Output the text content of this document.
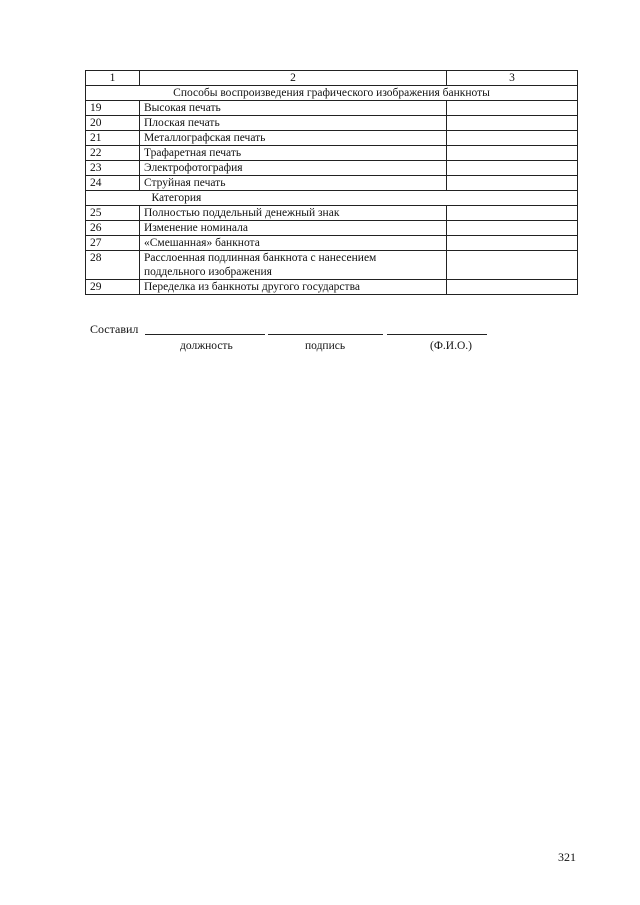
1	2	3
Способы воспроизведения графического изображения банкноты		
19	Высокая печать	
20	Плоская печать	
21	Металлографская печать	
22	Трафаретная печать	
23	Электрофотография	
24	Струйная печать	
	Категория	
25	Полностью поддельный денежный знак	
26	Изменение номинала	
27	«Смешанная» банкнота	
28	Расслоенная подлинная банкнота с нанесением поддельного изображения	
29	Переделка из банкноты другого государства	
Составил
должность	подпись	(Ф.И.О.)
321
